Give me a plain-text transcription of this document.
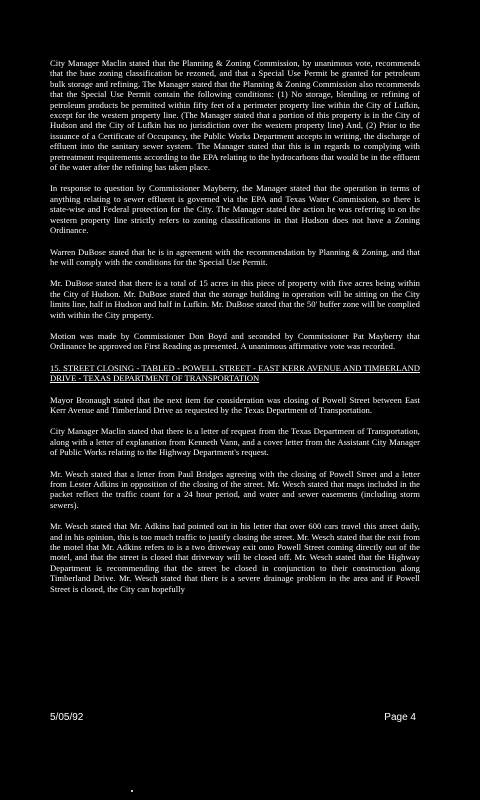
City Manager Maclin stated that the Planning & Zoning Commission, by unanimous vote, recommends that the base zoning classification be rezoned, and that a Special Use Permit be granted for petroleum bulk storage and refining. The Manager stated that the Planning & Zoning Commission also recommends that the Special Use Permit contain the following conditions: (1) No storage, blending or refining of petroleum products be permitted within fifty feet of a perimeter property line within the City of Lufkin, except for the western property line. (The Manager stated that a portion of this property is in the City of Hudson and the City of Lufkin has no jurisdiction over the western property line) And, (2) Prior to the issuance of a Certificate of Occupancy, the Public Works Department accepts in writing, the discharge of effluent into the sanitary sewer system. The Manager stated that this is in regards to complying with pretreatment requirements according to the EPA relating to the hydrocarbons that would be in the effluent of the water after the refining has taken place.

In response to question by Commissioner Mayberry, the Manager stated that the operation in terms of anything relating to sewer effluent is governed via the EPA and Texas Water Commission, so there is state-wise and Federal protection for the City. The Manager stated the action he was referring to on the western property line strictly refers to zoning classifications in that Hudson does not have a Zoning Ordinance.

Warren DuBose stated that he is in agreement with the recommendation by Planning & Zoning, and that he will comply with the conditions for the Special Use Permit.

Mr. DuBose stated that there is a total of 15 acres in this piece of property with five acres being within the City of Hudson. Mr. DuBose stated that the storage building in operation will be sitting on the City limits line, half in Hudson and half in Lufkin. Mr. DuBose stated that the 50' buffer zone will be complied with within the City property.

Motion was made by Commissioner Don Boyd and seconded by Commissioner Pat Mayberry that Ordinance be approved on First Reading as presented. A unanimous affirmative vote was recorded.

15. STREET CLOSING - TABLED - POWELL STREET - EAST KERR AVENUE AND TIMBERLAND DRIVE - TEXAS DEPARTMENT OF TRANSPORTATION

Mayor Bronaugh stated that the next item for consideration was closing of Powell Street between East Kerr Avenue and Timberland Drive as requested by the Texas Department of Transportation.

City Manager Maclin stated that there is a letter of request from the Texas Department of Transportation, along with a letter of explanation from Kenneth Vann, and a cover letter from the Assistant City Manager of Public Works relating to the Highway Department's request.

Mr. Wesch stated that a letter from Paul Bridges agreeing with the closing of Powell Street and a letter from Lester Adkins in opposition of the closing of the street. Mr. Wesch stated that maps included in the packet reflect the traffic count for a 24 hour period, and water and sewer easements (including storm sewers).

Mr. Wesch stated that Mr. Adkins had pointed out in his letter that over 600 cars travel this street daily, and in his opinion, this is too much traffic to justify closing the street. Mr. Wesch stated that the exit from the motel that Mr. Adkins refers to is a two driveway exit onto Powell Street coming directly out of the motel, and that the street is closed that driveway will be closed off. Mr. Wesch stated that the Highway Department is recommending that the street be closed in conjunction to their construction along Timberland Drive. Mr. Wesch stated that there is a severe drainage problem in the area and if Powell Street is closed, the City can hopefully

5/05/92	Page 4
